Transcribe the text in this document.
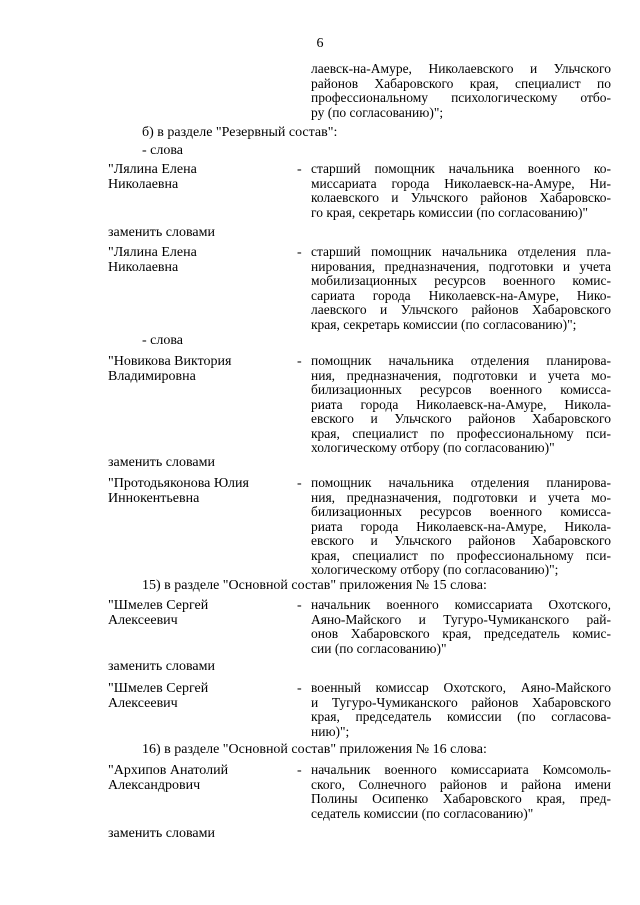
6
лаевск-на-Амуре, Николаевского и Ульчского
районов Хабаровского края, специалист по
профессиональному психологическому отбо-
ру (по согласованию)";
б) в разделе "Резервный состав":
- слова
"Лялина Елена
Николаевна
- старший помощник начальника военного ко-
миссариата города Николаевск-на-Амуре, Ни-
колаевского и Ульчского районов Хабаровско-
го края, секретарь комиссии (по согласованию)"
заменить словами
"Лялина Елена
Николаевна
- старший помощник начальника отделения пла-
нирования, предназначения, подготовки и учета
мобилизационных ресурсов военного комис-
сариата города Николаевск-на-Амуре, Нико-
лаевского и Ульчского районов Хабаровского
края, секретарь комиссии (по согласованию)";
- слова
"Новикова Виктория
Владимировна
- помощник начальника отделения планирова-
ния, предназначения, подготовки и учета мо-
билизационных ресурсов военного комисса-
риата города Николаевск-на-Амуре, Никола-
евского и Ульчского районов Хабаровского
края, специалист по профессиональному пси-
хологическому отбору (по согласованию)"
заменить словами
"Протодьяконова Юлия
Иннокентьевна
- помощник начальника отделения планирова-
ния, предназначения, подготовки и учета мо-
билизационных ресурсов военного комисса-
риата города Николаевск-на-Амуре, Никола-
евского и Ульчского районов Хабаровского
края, специалист по профессиональному пси-
хологическому отбору (по согласованию)";
15) в разделе "Основной состав" приложения № 15 слова:
"Шмелев Сергей
Алексеевич
- начальник военного комиссариата Охотского,
Аяно-Майского и Тугуро-Чумиканского рай-
онов Хабаровского края, председатель комис-
сии (по согласованию)"
заменить словами
"Шмелев Сергей
Алексеевич
- военный комиссар Охотского, Аяно-Майского
и Тугуро-Чумиканского районов Хабаровского
края, председатель комиссии (по согласова-
нию)";
16) в разделе "Основной состав" приложения № 16 слова:
"Архипов Анатолий
Александрович
- начальник военного комиссариата Комсомоль-
ского, Солнечного районов и района имени
Полины Осипенко Хабаровского края, пред-
седатель комиссии (по согласованию)"
заменить словами
